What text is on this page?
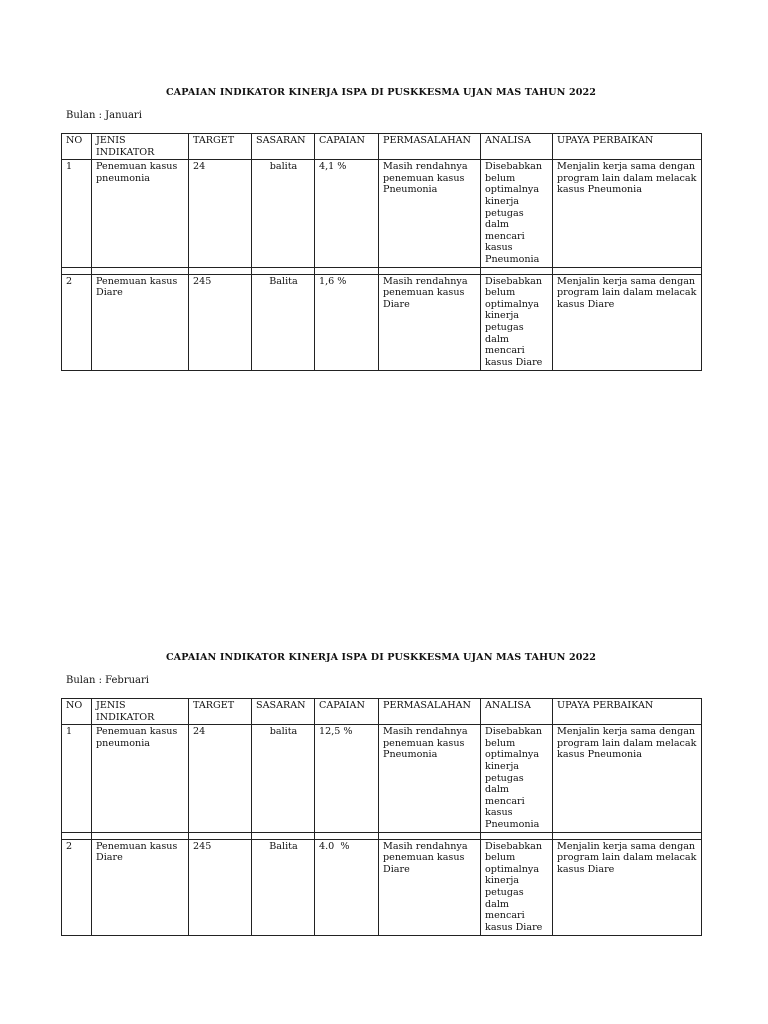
CAPAIAN INDIKATOR KINERJA ISPA DI PUSKKESMA UJAN MAS TAHUN 2022
Bulan : Januari
NO	JENIS INDIKATOR	TARGET	SASARAN	CAPAIAN	PERMASALAHAN	ANALISA	UPAYA PERBAIKAN
1	Penemuan kasus pneumonia	24	balita	4,1 %	Masih rendahnya penemuan kasus Pneumonia	Disebabkan belum optimalnya kinerja petugas dalm mencari kasus Pneumonia	Menjalin kerja sama dengan program lain dalam melacak kasus Pneumonia

2	Penemuan kasus Diare	245	Balita	1,6 %	Masih rendahnya penemuan kasus Diare	Disebabkan belum optimalnya kinerja petugas dalm mencari kasus Diare	Menjalin kerja sama dengan program lain dalam melacak kasus Diare
CAPAIAN INDIKATOR KINERJA ISPA DI PUSKKESMA UJAN MAS TAHUN 2022
Bulan : Februari
NO	JENIS INDIKATOR	TARGET	SASARAN	CAPAIAN	PERMASALAHAN	ANALISA	UPAYA PERBAIKAN
1	Penemuan kasus pneumonia	24	balita	12,5 %	Masih rendahnya penemuan kasus Pneumonia	Disebabkan belum optimalnya kinerja petugas dalm mencari kasus Pneumonia	Menjalin kerja sama dengan program lain dalam melacak kasus Pneumonia

2	Penemuan kasus Diare	245	Balita	4.0  %	Masih rendahnya penemuan kasus Diare	Disebabkan belum optimalnya kinerja petugas dalm mencari kasus Diare	Menjalin kerja sama dengan program lain dalam melacak kasus Diare
